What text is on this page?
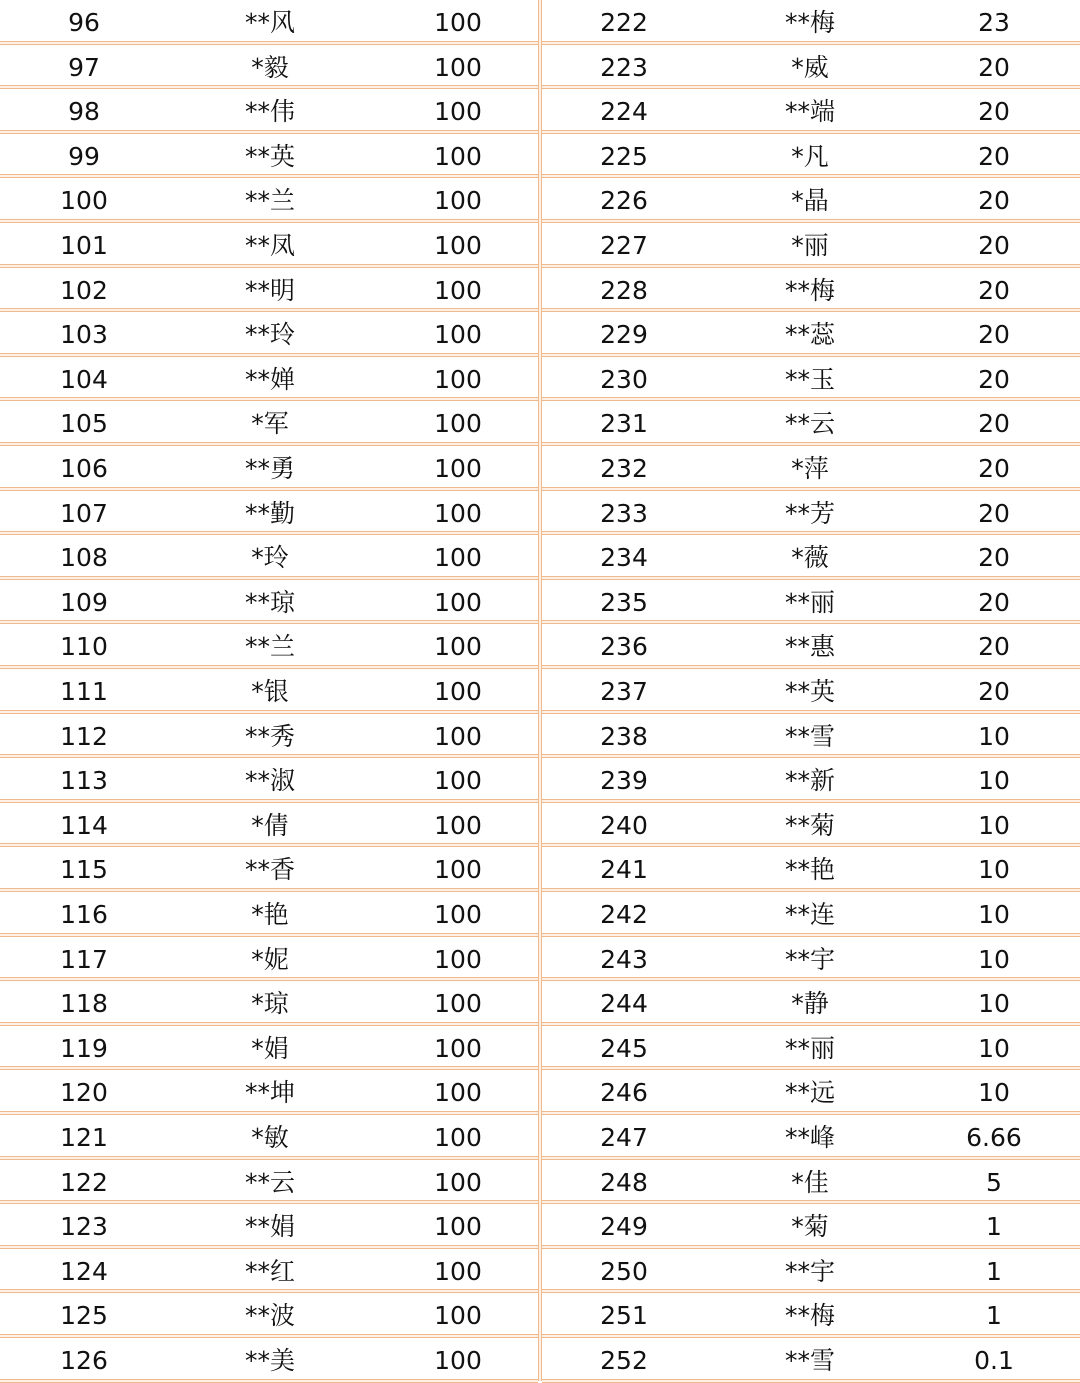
96	**风	100
97	*毅	100
98	**伟	100
99	**英	100
100	**兰	100
101	**凤	100
102	**明	100
103	**玲	100
104	**婵	100
105	*军	100
106	**勇	100
107	**勤	100
108	*玲	100
109	**琼	100
110	**兰	100
111	*银	100
112	**秀	100
113	**淑	100
114	*倩	100
115	**香	100
116	*艳	100
117	*妮	100
118	*琼	100
119	*娟	100
120	**坤	100
121	*敏	100
122	**云	100
123	**娟	100
124	**红	100
125	**波	100
126	**美	100
222	**梅	23
223	*威	20
224	**端	20
225	*凡	20
226	*晶	20
227	*丽	20
228	**梅	20
229	**蕊	20
230	**玉	20
231	**云	20
232	*萍	20
233	**芳	20
234	*薇	20
235	**丽	20
236	**惠	20
237	**英	20
238	**雪	10
239	**新	10
240	**菊	10
241	**艳	10
242	**连	10
243	**宇	10
244	*静	10
245	**丽	10
246	**远	10
247	**峰	6.66
248	*佳	5
249	*菊	1
250	**宇	1
251	**梅	1
252	**雪	0.1
